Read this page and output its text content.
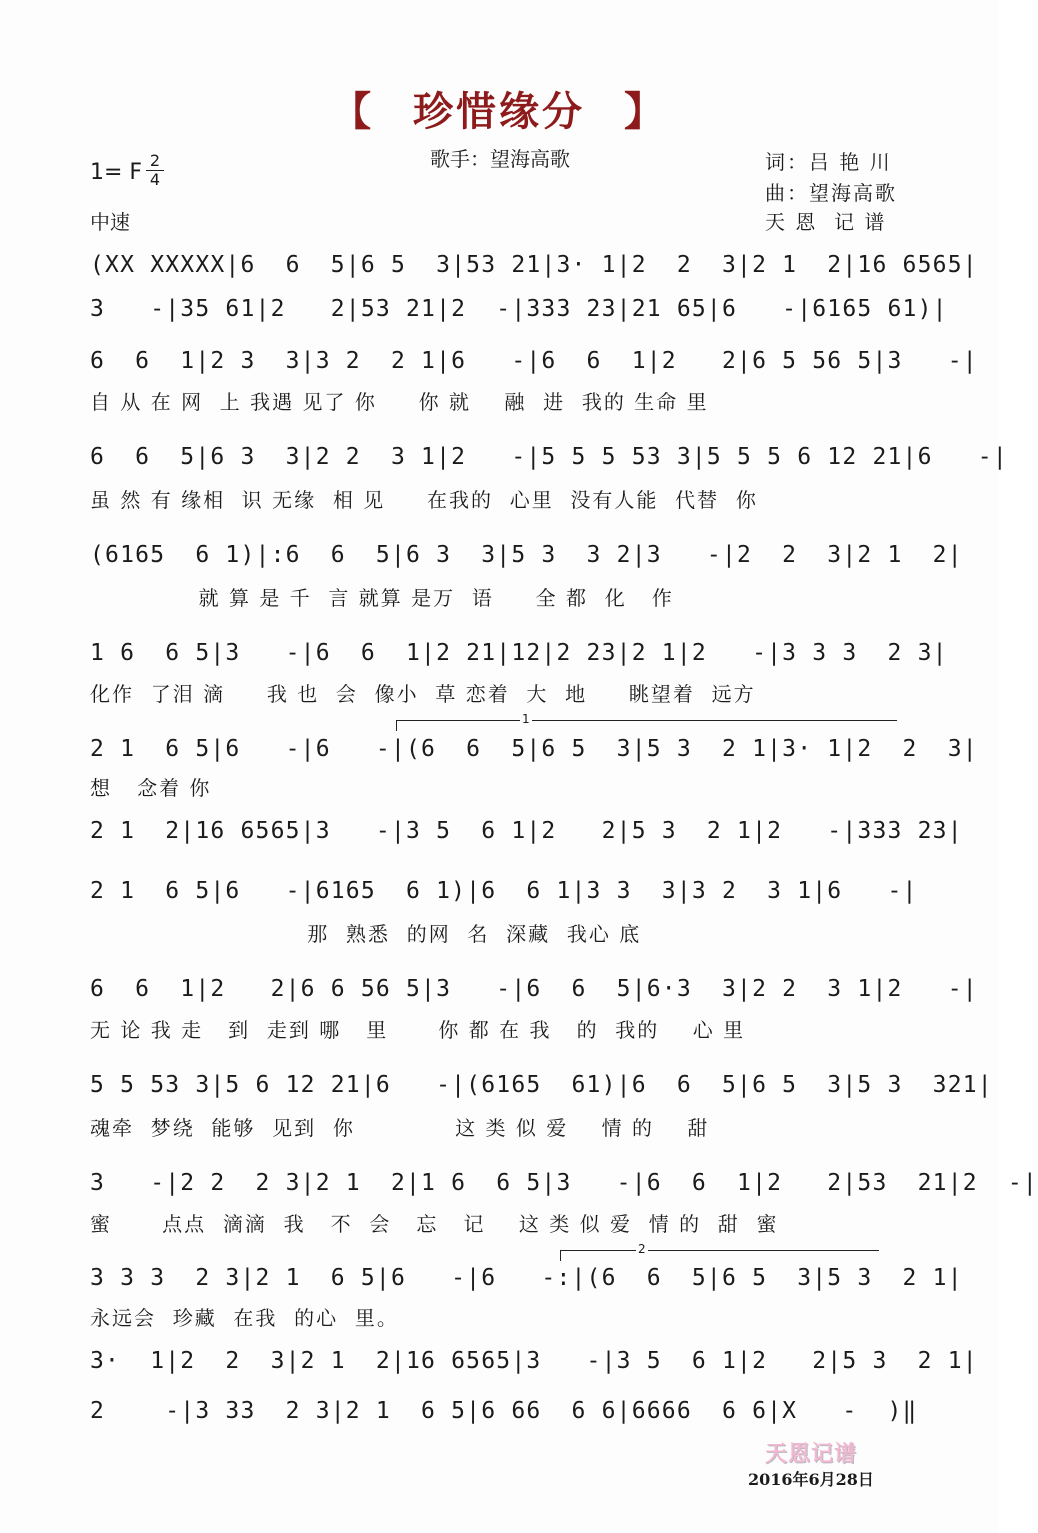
【 珍惜缘分 】
歌手：望海高歌
1= F 2
4
中速
词：吕 艳 川
曲：望海高歌
天 恩  记 谱
(XX XXXXX|6  6  5|6 5  3|53 21|3· 1|2  2  3|2 1  2|16 6565|
3   -|35 61|2   2|53 21|2  -|333 23|21 65|6   -|6165 61)|
6  6  1|2 3  3|3 2  2 1|6   -|6  6  1|2   2|6 5 56 5|3   -|
自 从 在 网  上 我遇 见了 你     你 就    融  进  我的 生命 里
6  6  5|6 3  3|2 2  3 1|2   -|5 5 5 53 3|5 5 5 6 12 21|6   -|
虽 然 有 缘相  识 无缘  相 见     在我的  心里  没有人能  代替  你
(6165  6 1)|:6  6  5|6 3  3|5 3  3 2|3   -|2  2  3|2 1  2|
就 算 是 千  言 就算 是万  语     全 都  化   作
1 6  6 5|3   -|6  6  1|2 21|12|2 23|2 1|2   -|3 3 3  2 3|
化作  了泪 滴     我 也  会  像小  草 恋着  大  地     眺望着  远方
1
2 1  6 5|6   -|6   -|(6  6  5|6 5  3|5 3  2 1|3· 1|2  2  3|
想   念着 你
2 1  2|16 6565|3   -|3 5  6 1|2   2|5 3  2 1|2   -|333 23|
2 1  6 5|6   -|6165  6 1)|6  6 1|3 3  3|3 2  3 1|6   -|
那  熟悉  的网  名  深藏  我心 底
6  6  1|2   2|6 6 56 5|3   -|6  6  5|6·3  3|2 2  3 1|2   -|
无 论 我 走   到  走到 哪   里      你 都 在 我   的  我的    心 里
5 5 53 3|5 6 12 21|6   -|(6165  61)|6  6  5|6 5  3|5 3  321|
魂牵  梦绕  能够  见到  你            这 类 似 爱    情 的    甜
3   -|2 2  2 3|2 1  2|1 6  6 5|3   -|6  6  1|2   2|53  21|2  -|
蜜      点点  滴滴  我   不  会   忘   记    这 类 似 爱  情 的  甜  蜜
2
3 3 3  2 3|2 1  6 5|6   -|6   -:|(6  6  5|6 5  3|5 3  2 1|
永远会  珍藏  在我  的心  里。
3·  1|2  2  3|2 1  2|16 6565|3   -|3 5  6 1|2   2|5 3  2 1|
2    -|3 33  2 3|2 1  6 5|6 66  6 6|6666  6 6|X   -  )‖
天恩记谱
2016年6月28日
